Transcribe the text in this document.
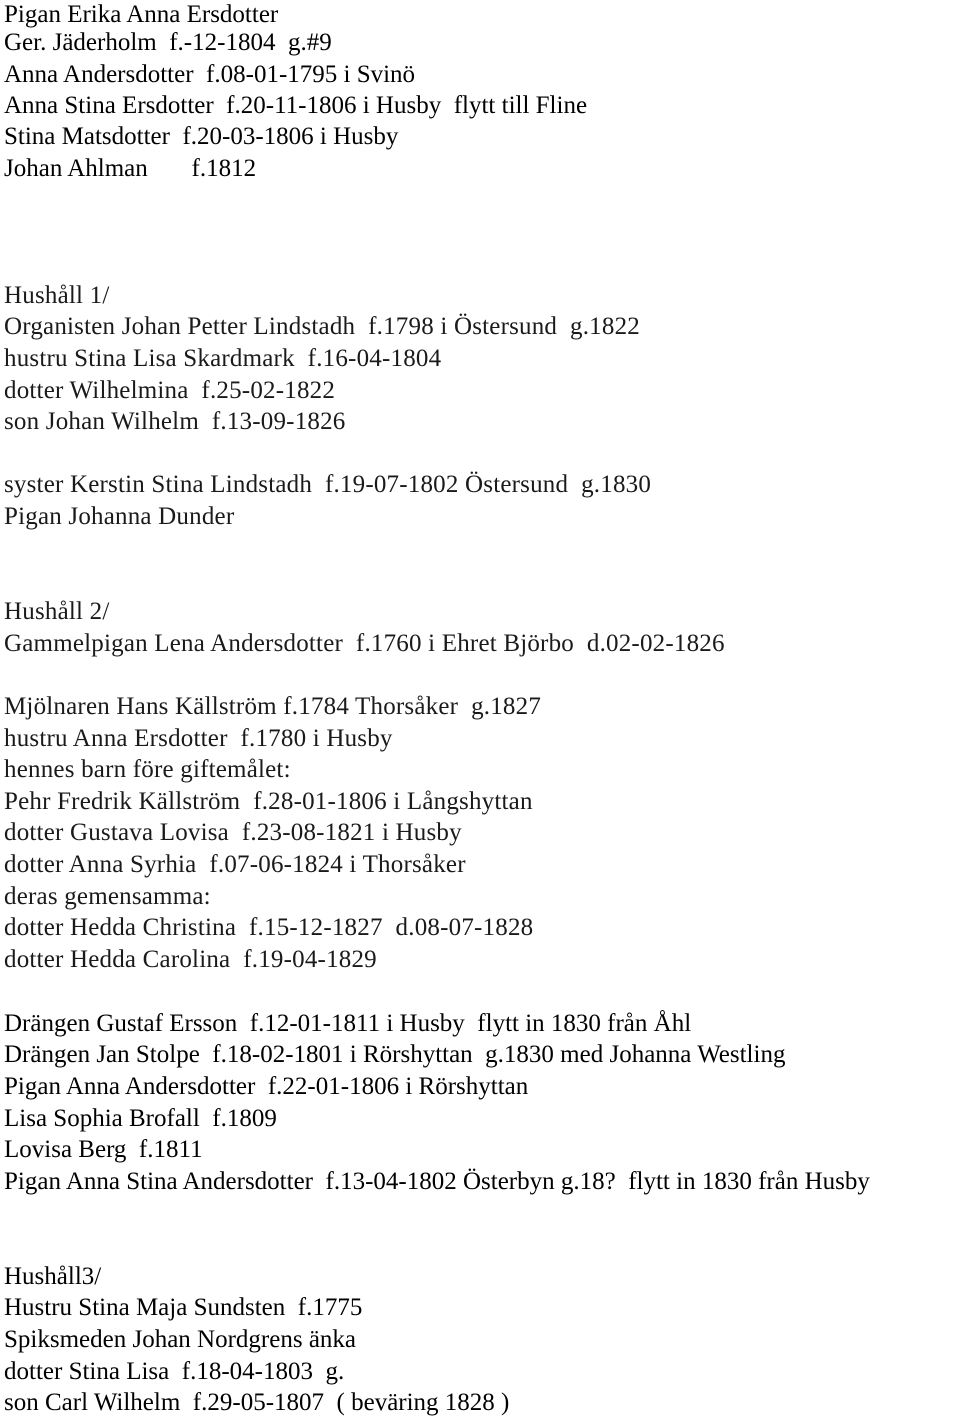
Pigan Erika Anna Ersdotter

Ger. Jäderholm  f.-12-1804  g.#9

Anna Andersdotter  f.08-01-1795 i Svinö

Anna Stina Ersdotter  f.20-11-1806 i Husby  flytt till Fline

Stina Matsdotter  f.20-03-1806 i Husby

Johan Ahlman       f.1812

Hushåll 1/

Organisten Johan Petter Lindstadh  f.1798 i Östersund  g.1822

hustru Stina Lisa Skardmark  f.16-04-1804

dotter Wilhelmina  f.25-02-1822

son Johan Wilhelm  f.13-09-1826

syster Kerstin Stina Lindstadh  f.19-07-1802 Östersund  g.1830

Pigan Johanna Dunder

Hushåll 2/

Gammelpigan Lena Andersdotter  f.1760 i Ehret Björbo  d.02-02-1826

Mjölnaren Hans Källström f.1784 Thorsåker  g.1827

hustru Anna Ersdotter  f.1780 i Husby

hennes barn före giftemålet:

Pehr Fredrik Källström  f.28-01-1806 i Långshyttan

dotter Gustava Lovisa  f.23-08-1821 i Husby

dotter Anna Syrhia  f.07-06-1824 i Thorsåker

deras gemensamma:

dotter Hedda Christina  f.15-12-1827  d.08-07-1828

dotter Hedda Carolina  f.19-04-1829

Drängen Gustaf Ersson  f.12-01-1811 i Husby  flytt in 1830 från Åhl

Drängen Jan Stolpe  f.18-02-1801 i Rörshyttan  g.1830 med Johanna Westling

Pigan Anna Andersdotter  f.22-01-1806 i Rörshyttan

Lisa Sophia Brofall  f.1809

Lovisa Berg  f.1811

Pigan Anna Stina Andersdotter  f.13-04-1802 Österbyn g.18?  flytt in 1830 från Husby

Hushåll3/

Hustru Stina Maja Sundsten  f.1775

Spiksmeden Johan Nordgrens änka

dotter Stina Lisa  f.18-04-1803  g.

son Carl Wilhelm  f.29-05-1807  ( beväring 1828 )
